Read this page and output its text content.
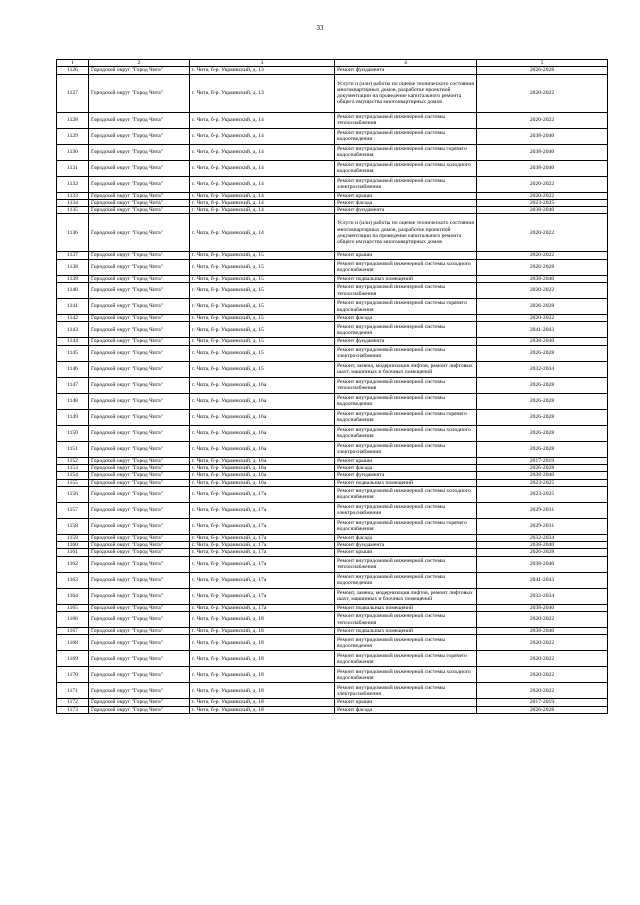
33
1	2	3	4	5
1126	Городской округ "Город Чита"	г. Чита, б-р. Украинский, д. 13	Ремонт фундамента	2026-2028
1127	Городской округ "Город Чита"	г. Чита, б-р. Украинский, д. 13	Услуги и (или) работы по оценке технического состояния многоквартирных домов, разработке проектной документации на проведение капитального ремонта общего имущества многоквартирных домов	2020-2022
1128	Городской округ "Город Чита"	г. Чита, б-р. Украинский, д. 14	Ремонт внутридомовой инженерной системы теплоснабжения	2020-2022
1129	Городской округ "Город Чита"	г. Чита, б-р. Украинский, д. 14	Ремонт внутридомовой инженерной системы водоотведения	2038-2040
1130	Городской округ "Город Чита"	г. Чита, б-р. Украинский, д. 14	Ремонт внутридомовой инженерной системы горячего водоснабжения	2038-2040
1131	Городской округ "Город Чита"	г. Чита, б-р. Украинский, д. 14	Ремонт внутридомовой инженерной системы холодного водоснабжения	2038-2040
1132	Городской округ "Город Чита"	г. Чита, б-р. Украинский, д. 14	Ремонт внутридомовой инженерной системы электроснабжения	2020-2022
1133	Городской округ "Город Чита"	г. Чита, б-р. Украинский, д. 14	Ремонт крыши	2020-2022
1134	Городской округ "Город Чита"	г. Чита, б-р. Украинский, д. 14	Ремонт фасада	2023-2025
1135	Городской округ "Город Чита"	г. Чита, б-р. Украинский, д. 14	Ремонт фундамента	2038-2040
1136	Городской округ "Город Чита"	г. Чита, б-р. Украинский, д. 14	Услуги и (или) работы по оценке технического состояния многоквартирных домов, разработке проектной документации на проведение капитального ремонта общего имущества многоквартирных домов	2020-2022
1137	Городской округ "Город Чита"	г. Чита, б-р. Украинский, д. 15	Ремонт крыши	2020-2022
1138	Городской округ "Город Чита"	г. Чита, б-р. Украинский, д. 15	Ремонт внутридомовой инженерной системы холодного водоснабжения	2026-2028
1139	Городской округ "Город Чита"	г. Чита, б-р. Украинский, д. 15	Ремонт подвальных помещений	2038-2040
1140	Городской округ "Город Чита"	г. Чита, б-р. Украинский, д. 15	Ремонт внутридомовой инженерной системы теплоснабжения	2020-2022
1141	Городской округ "Город Чита"	г. Чита, б-р. Украинский, д. 15	Ремонт внутридомовой инженерной системы горячего водоснабжения	2026-2028
1142	Городской округ "Город Чита"	г. Чита, б-р. Украинский, д. 15	Ремонт фасада	2020-2022
1143	Городской округ "Город Чита"	г. Чита, б-р. Украинский, д. 15	Ремонт внутридомовой инженерной системы водоотведения	2041-2043
1144	Городской округ "Город Чита"	г. Чита, б-р. Украинский, д. 15	Ремонт фундамента	2038-2040
1145	Городской округ "Город Чита"	г. Чита, б-р. Украинский, д. 15	Ремонт внутридомовой инженерной системы электроснабжения	2026-2028
1146	Городской округ "Город Чита"	г. Чита, б-р. Украинский, д. 15	Ремонт, замена, модернизация лифтов, ремонт лифтовых шахт, машинных и блочных помещений	2032-2034
1147	Городской округ "Город Чита"	г. Чита, б-р. Украинский, д. 16а	Ремонт внутридомовой инженерной системы теплоснабжения	2026-2028
1148	Городской округ "Город Чита"	г. Чита, б-р. Украинский, д. 16а	Ремонт внутридомовой инженерной системы водоотведения	2026-2028
1149	Городской округ "Город Чита"	г. Чита, б-р. Украинский, д. 16а	Ремонт внутридомовой инженерной системы горячего водоснабжения	2026-2028
1150	Городской округ "Город Чита"	г. Чита, б-р. Украинский, д. 16а	Ремонт внутридомовой инженерной системы холодного водоснабжения	2026-2028
1151	Городской округ "Город Чита"	г. Чита, б-р. Украинский, д. 16а	Ремонт внутридомовой инженерной системы электроснабжения	2026-2028
1152	Городской округ "Город Чита"	г. Чита, б-р. Украинский, д. 16а	Ремонт крыши	2017-2019
1153	Городской округ "Город Чита"	г. Чита, б-р. Украинский, д. 16а	Ремонт фасада	2026-2028
1154	Городской округ "Город Чита"	г. Чита, б-р. Украинский, д. 16а	Ремонт фундамента	2038-2040
1155	Городской округ "Город Чита"	г. Чита, б-р. Украинский, д. 16а	Ремонт подвальных помещений	2023-2025
1156	Городской округ "Город Чита"	г. Чита, б-р. Украинский, д. 17а	Ремонт внутридомовой инженерной системы холодного водоснабжения	2023-2025
1157	Городской округ "Город Чита"	г. Чита, б-р. Украинский, д. 17а	Ремонт внутридомовой инженерной системы электроснабжения	2029-2031
1158	Городской округ "Город Чита"	г. Чита, б-р. Украинский, д. 17а	Ремонт внутридомовой инженерной системы горячего водоснабжения	2029-2031
1159	Городской округ "Город Чита"	г. Чита, б-р. Украинский, д. 17а	Ремонт фасада	2032-2034
1160	Городской округ "Город Чита"	г. Чита, б-р. Украинский, д. 17а	Ремонт фундамента	2038-2040
1161	Городской округ "Город Чита"	г. Чита, б-р. Украинский, д. 17а	Ремонт крыши	2026-2028
1162	Городской округ "Город Чита"	г. Чита, б-р. Украинский, д. 17а	Ремонт внутридомовой инженерной системы теплоснабжения	2038-2040
1163	Городской округ "Город Чита"	г. Чита, б-р. Украинский, д. 17а	Ремонт внутридомовой инженерной системы водоотведения	2041-2043
1164	Городской округ "Город Чита"	г. Чита, б-р. Украинский, д. 17а	Ремонт, замена, модернизация лифтов, ремонт лифтовых шахт, машинных и блочных помещений	2032-2034
1165	Городской округ "Город Чита"	г. Чита, б-р. Украинский, д. 17а	Ремонт подвальных помещений	2038-2040
1166	Городской округ "Город Чита"	г. Чита, б-р. Украинский, д. 18	Ремонт внутридомовой инженерной системы теплоснабжения	2020-2022
1167	Городской округ "Город Чита"	г. Чита, б-р. Украинский, д. 18	Ремонт подвальных помещений	2038-2040
1168	Городской округ "Город Чита"	г. Чита, б-р. Украинский, д. 18	Ремонт внутридомовой инженерной системы водоотведения	2020-2022
1169	Городской округ "Город Чита"	г. Чита, б-р. Украинский, д. 18	Ремонт внутридомовой инженерной системы горячего водоснабжения	2020-2022
1170	Городской округ "Город Чита"	г. Чита, б-р. Украинский, д. 18	Ремонт внутридомовой инженерной системы холодного водоснабжения	2020-2022
1171	Городской округ "Город Чита"	г. Чита, б-р. Украинский, д. 18	Ремонт внутридомовой инженерной системы электроснабжения	2020-2022
1172	Городской округ "Город Чита"	г. Чита, б-р. Украинский, д. 18	Ремонт крыши	2017-2019
1173	Городской округ "Город Чита"	г. Чита, б-р. Украинский, д. 18	Ремонт фасада	2026-2028
